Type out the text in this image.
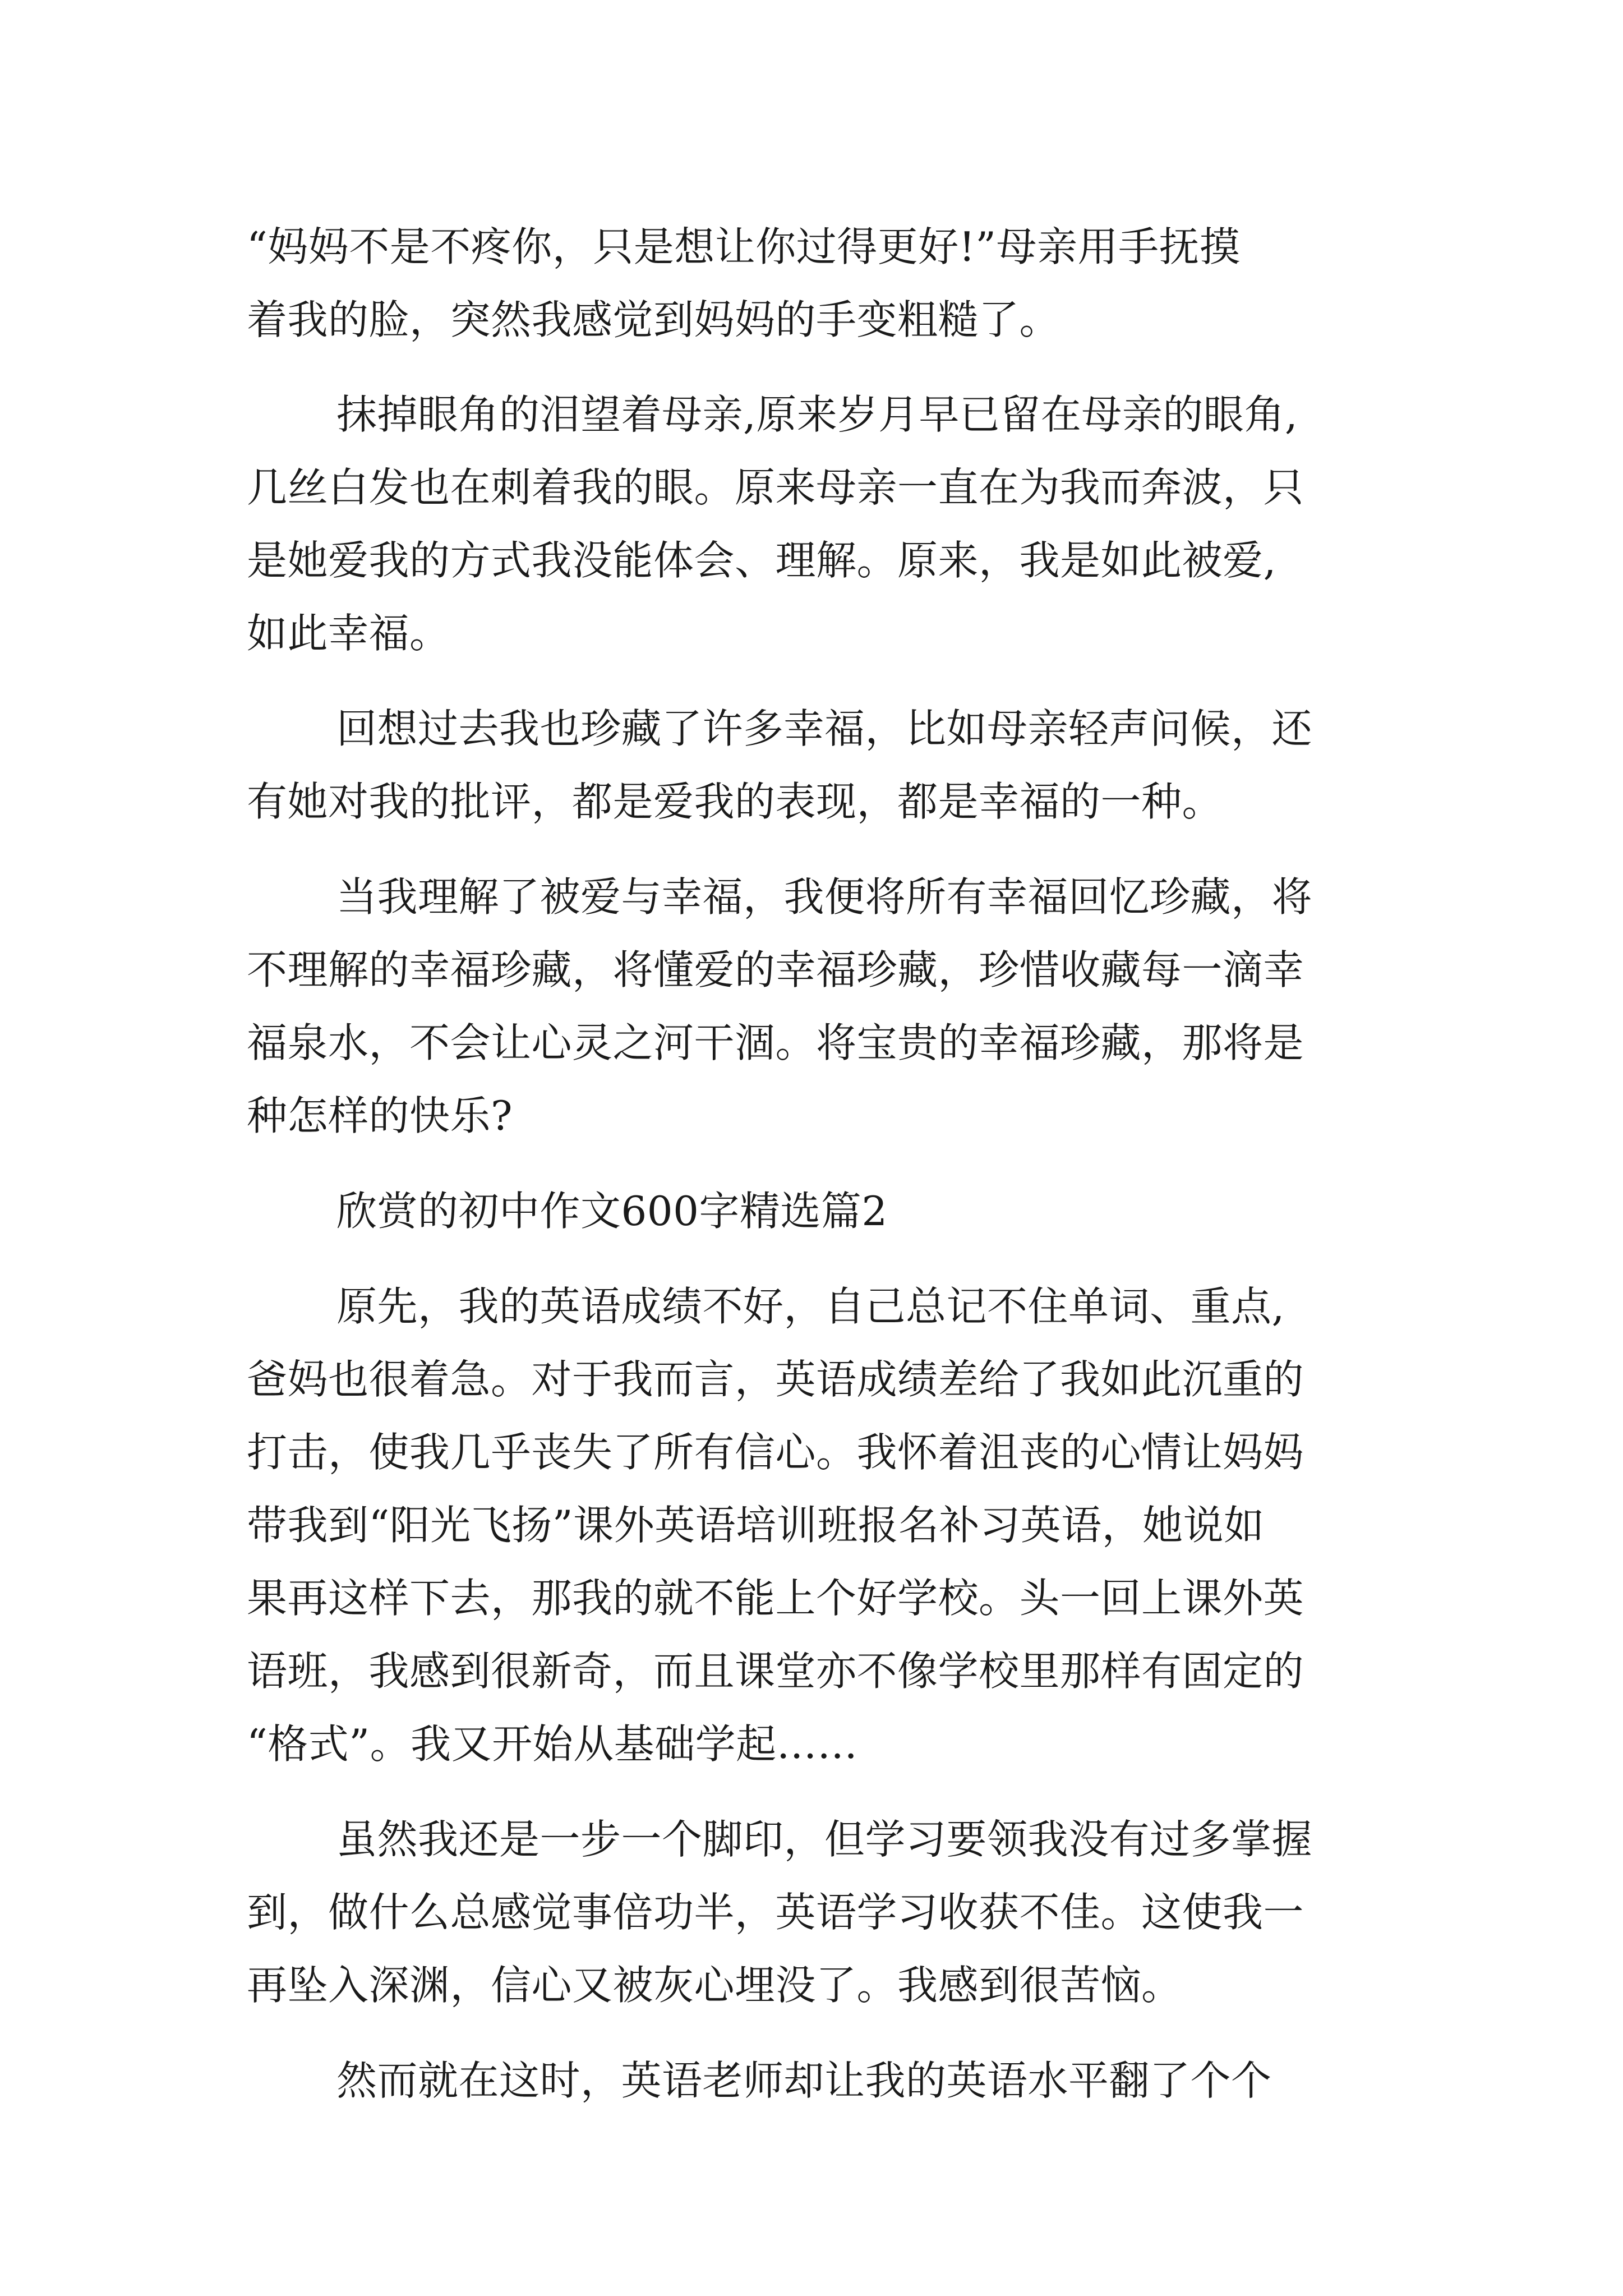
“妈妈不是不疼你，只是想让你过得更好!”母亲用手抚摸
着我的脸，突然我感觉到妈妈的手变粗糙了。
抹掉眼角的泪望着母亲,原来岁月早已留在母亲的眼角,
几丝白发也在刺着我的眼。原来母亲一直在为我而奔波，只
是她爱我的方式我没能体会、理解。原来，我是如此被爱,
如此幸福。
回想过去我也珍藏了许多幸福，比如母亲轻声问候，还
有她对我的批评，都是爱我的表现，都是幸福的一种。
当我理解了被爱与幸福，我便将所有幸福回忆珍藏，将
不理解的幸福珍藏，将懂爱的幸福珍藏，珍惜收藏每一滴幸
福泉水，不会让心灵之河干涸。将宝贵的幸福珍藏，那将是
种怎样的快乐?
欣赏的初中作文600字精选篇2
原先，我的英语成绩不好，自己总记不住单词、重点,
爸妈也很着急。对于我而言，英语成绩差给了我如此沉重的
打击，使我几乎丧失了所有信心。我怀着沮丧的心情让妈妈
带我到“阳光飞扬”课外英语培训班报名补习英语，她说如
果再这样下去，那我的就不能上个好学校。头一回上课外英
语班，我感到很新奇，而且课堂亦不像学校里那样有固定的
“格式”。我又开始从基础学起……
虽然我还是一步一个脚印，但学习要领我没有过多掌握
到，做什么总感觉事倍功半，英语学习收获不佳。这使我一
再坠入深渊，信心又被灰心埋没了。我感到很苦恼。
然而就在这时，英语老师却让我的英语水平翻了个个
